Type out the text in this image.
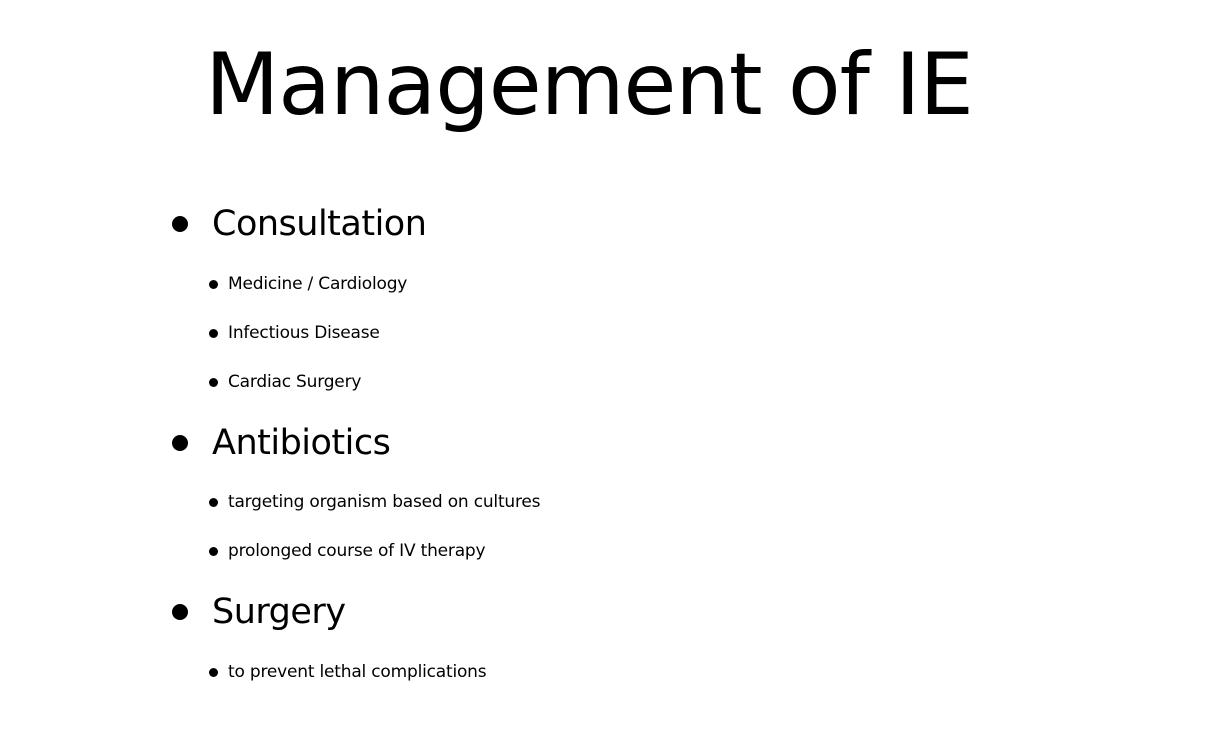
Management of IE
Consultation
Medicine / Cardiology
Infectious Disease
Cardiac Surgery
Antibiotics
targeting organism based on cultures
prolonged course of IV therapy
Surgery
to prevent lethal complications
